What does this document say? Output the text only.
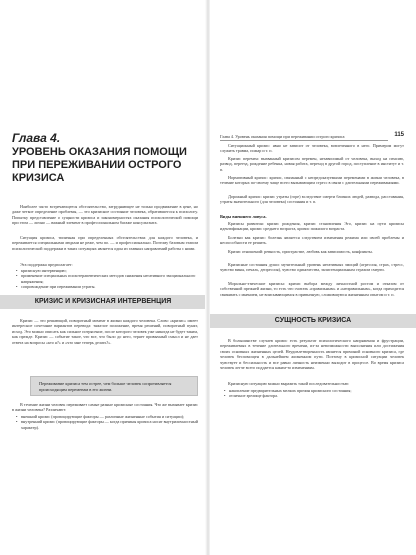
Глава 4.
УРОВЕНЬ ОКАЗАНИЯ ПОМОЩИ ПРИ ПЕРЕЖИВАНИИ ОСТРОГО КРИЗИСА
Наиболее часто встречающееся обстоятельство, затрудняющее не только продвижение в цене, но даже четкое определение проблемы, — это кризисное состояние человека, обратившегося к психологу. Попытку представление о сущности кризиса и закономерностях оказания психологической помощи при этом — лично — важный элемент в профессиональном багаже консультанта.
Ситуация кризиса, типичная при определенных обстоятельствах для каждого человека, и переживается специальными людьми не реже, чем по. — и профессионально. Поэтому базовым этапом психологической поддержки в таких ситуациях является один из главных направлений работы с ними.
Эта поддержка предполагает:
• кризисную интервенцию;
• применение специальных психотерапевтических методов снижения негативного эмоционального напряжения;
• сопровождение при переживании утраты.
КРИЗИС И КРИЗИСНАЯ ИНТЕРВЕНЦИЯ
Кризис — это решающий, поворотный момент в жизни каждого человека. Слово «кризис» имеет интересное сочетание вариантов перевода: тяжелое положение, время решений, поворотный пункт, исход. Это можно описать как сильное потрясение, после которого человек уже никогда не будет таким, как прежде. Кризис — событие такое, что все, что было до него, теряет привычный смысл и не дает ответа на вопросы «кто я?» и «что мне теперь делать?».
Переживание кризиса тем острее, чем больше человек сопротивляется происходящим переменам в его жизни.
В течение жизни человек переживает самые разные кризисные состояния. Что же вызывает кризис в жизни человека? Различают:
• внешний кризис (провоцирующие факторы — различные жизненные события и ситуации);
• внутренний кризис (провоцирующие факторы — когда причины кризиса носят внутриличностный характер).
Глава 4. Уровень оказания помощи при переживании острого кризиса	115
Ситуационный кризис: явно не зависит от человека, вовлеченного в него. Примером могут служить травма, пожар и т. п.
Кризис перемен: вызванный кризисом перемен, независимый от человека, выход на пенсию, развод, переезд, рождение ребенка, новая работа, переход в другой город, поступление в институт и т. п.
Нормативный кризис: кризис, связанный с непредсказуемыми переменами в жизни человека, в течение которых по-своему чаще всего вызывающим стресс в связи с длительными переживаниями.
Дорожный кризис: кризис утраты (горе) вследствие смерти близких людей, развода, расставания, утраты значительного (для человека) состояния и т. п.
Виды внешнего ловуса.
Кризисы развития: кризис рождения, кризис становления Эго, кризис на пути кризисы идентификации, кризис среднего возраста, кризис пожилого возраста.
Болезни как кризис: болезнь является следствием изменения режима или своей проблемы и неспособности ее решить.
Кризис отношений: ревность, пристрастие, любовь как зависимость, конфликты.
Кризисные состояния души: мучительный уровень негативных эмоций (агрессия, страх, стресс, чувство вины, печаль, депрессия), чувство одиночества, экзистенциальным страхом смерти.
Морально-этические кризисы: кризис выбора между личностной ростом и отказом от собственной прежней жизни, то есть что считать «правильным» и «неправильным», когда приходится связывать с мнением, не вписывающимся в привычную, сложившуюся жизненным опытом и т. п.
СУЩНОСТЬ КРИЗИСА
В большинстве случаев кризис есть результат психологического напряжения и фрустрации, переживаемых в течение длительного времени, из-за невозможности выполнения или достижения своих основных жизненных целей. Неудовлетворенность является причиной основного кризиса, где человек беспомощен в дальнейшем жизненном пути. Поэтому в кризисной ситуации человек чувствует и бессильность и все равно личность неизменно выходит в процессе. Во время кризиса человек легче всего поддается каким-то изменениям.
Кризисную ситуацию можно выразить такой последовательностью:
• накопление предварительных мелких причин кризисного состояния;
• отличное зрелище фактора.
